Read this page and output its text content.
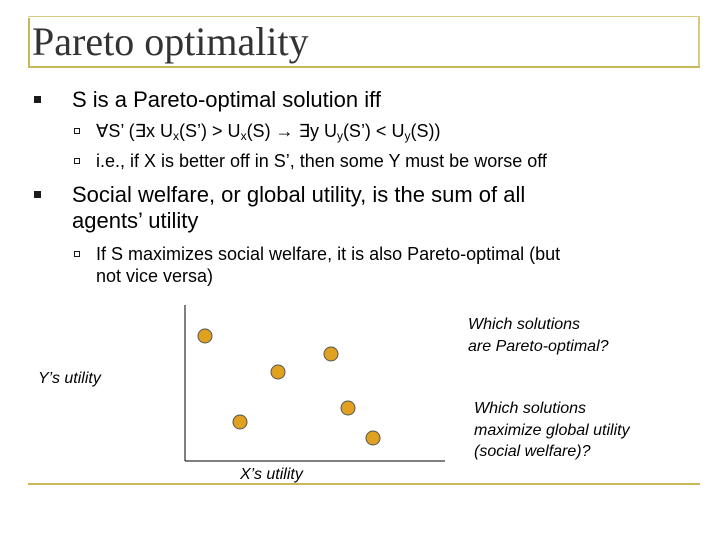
Pareto optimality
S is a Pareto-optimal solution iff
∀S’ (∃x $U_x(S’) > U_x(S)$ → ∃y $U_y(S’) < U_y(S)$)
i.e., if X is better off in S’, then some Y must be worse off
Social welfare, or global utility, is the sum of all
agents’ utility
If S maximizes social welfare, it is also Pareto-optimal (but
not vice versa)
Y’s utility
X’s utility
Which solutions
are Pareto-optimal?
Which solutions
maximize global utility
(social welfare)?
